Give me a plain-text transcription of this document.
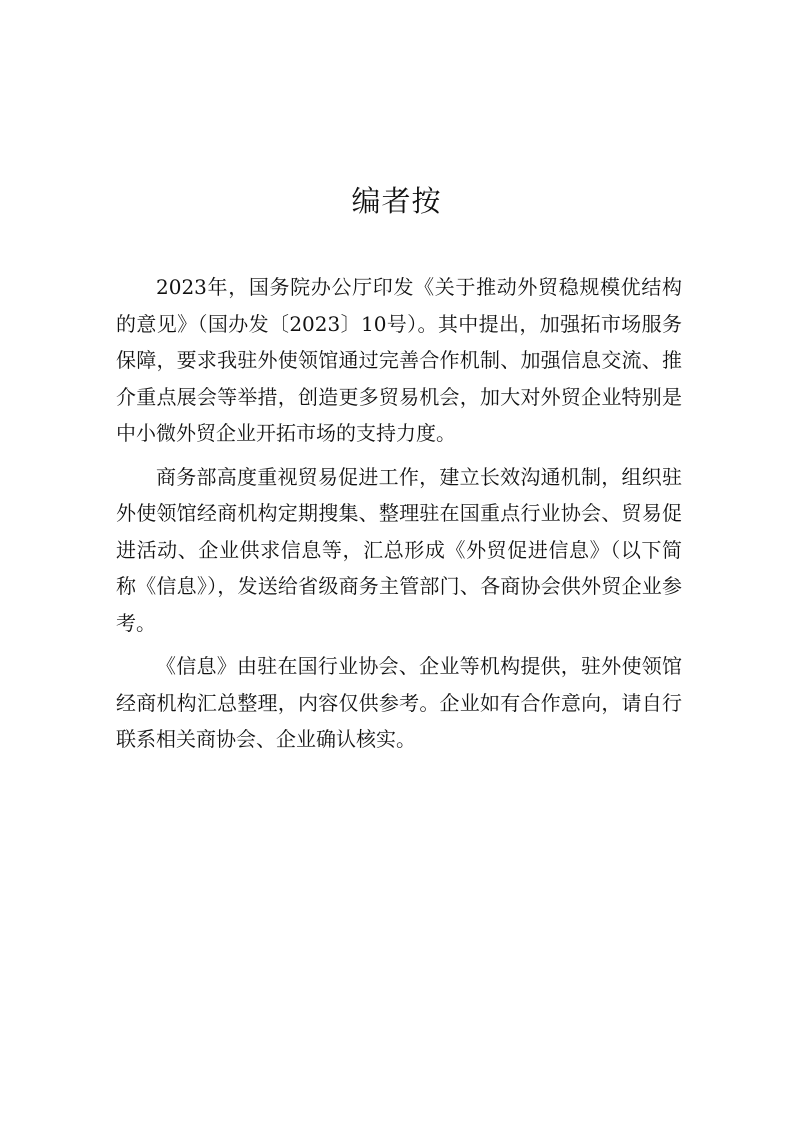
编者按

2023年，国务院办公厅印发《关于推动外贸稳规模优结构的意见》（国办发〔2023〕10号）。其中提出，加强拓市场服务保障，要求我驻外使领馆通过完善合作机制、加强信息交流、推介重点展会等举措，创造更多贸易机会，加大对外贸企业特别是中小微外贸企业开拓市场的支持力度。

商务部高度重视贸易促进工作，建立长效沟通机制，组织驻外使领馆经商机构定期搜集、整理驻在国重点行业协会、贸易促进活动、企业供求信息等，汇总形成《外贸促进信息》（以下简称《信息》），发送给省级商务主管部门、各商协会供外贸企业参考。

《信息》由驻在国行业协会、企业等机构提供，驻外使领馆经商机构汇总整理，内容仅供参考。企业如有合作意向，请自行联系相关商协会、企业确认核实。
